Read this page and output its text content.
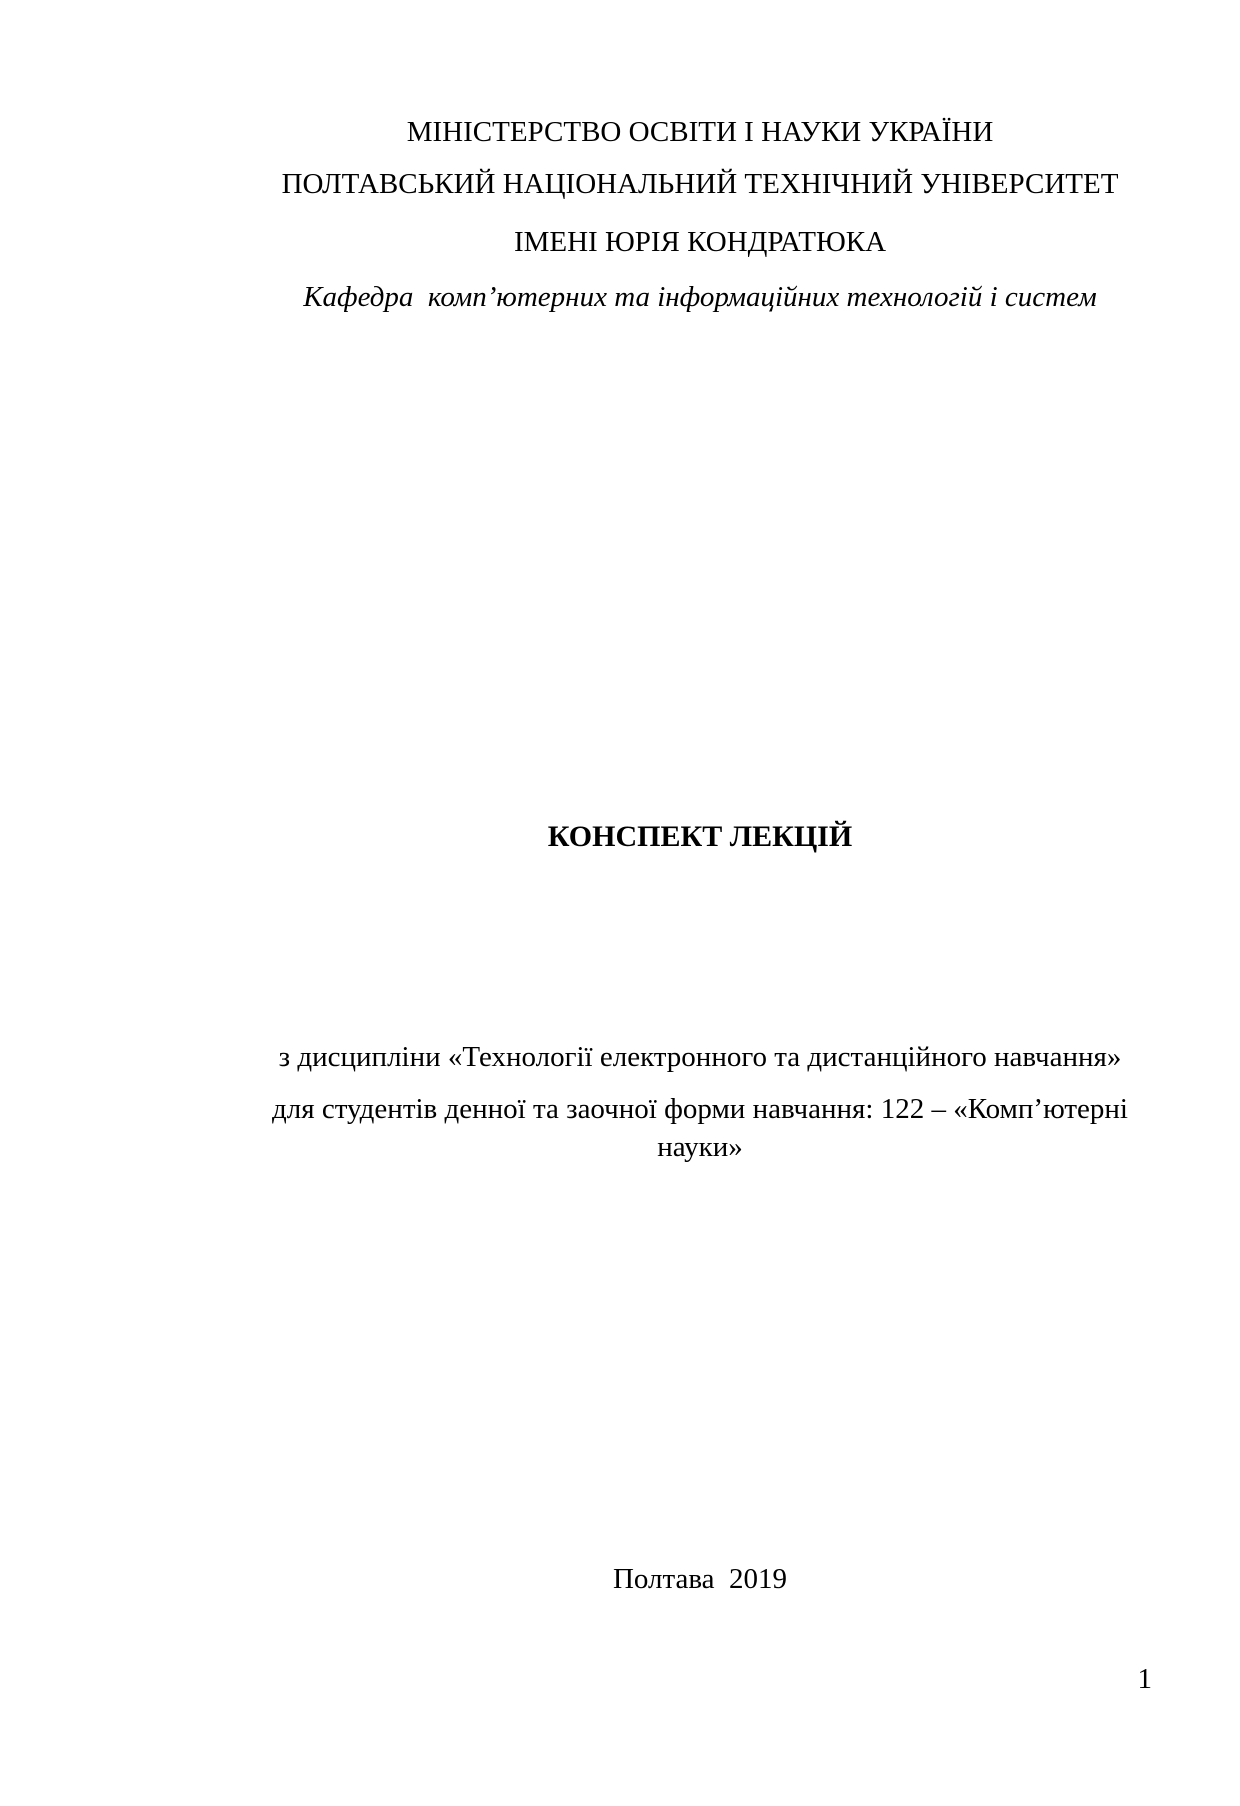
МІНІСТЕРСТВО ОСВІТИ І НАУКИ УКРАЇНИ
ПОЛТАВСЬКИЙ НАЦІОНАЛЬНИЙ ТЕХНІЧНИЙ УНІВЕРСИТЕТ
ІМЕНІ ЮРІЯ КОНДРАТЮКА
Кафедра  комп’ютерних та інформаційних технологій і систем
КОНСПЕКТ ЛЕКЦІЙ
з дисципліни «Технології електронного та дистанційного навчання»
для студентів денної та заочної форми навчання: 122 – «Комп’ютерні
науки»
Полтава  2019
1
